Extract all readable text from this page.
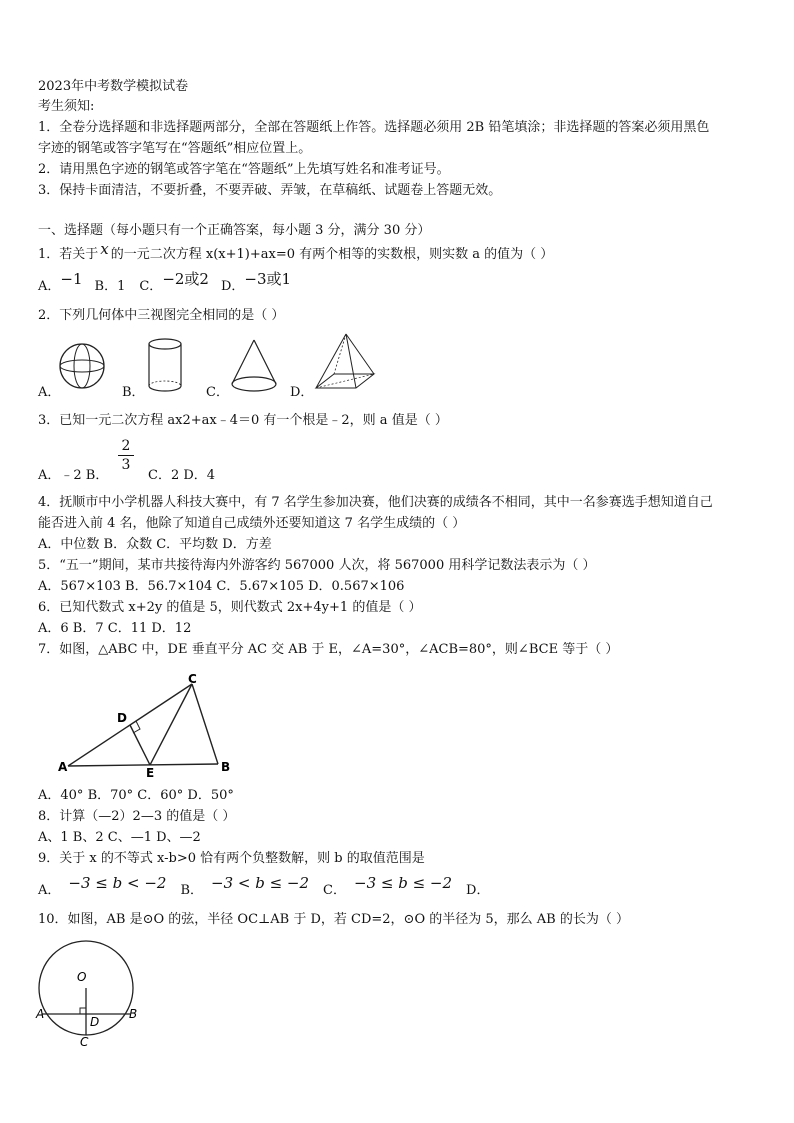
2023年中考数学模拟试卷
考生须知:
1．全卷分选择题和非选择题两部分，全部在答题纸上作答。选择题必须用 2B 铅笔填涂；非选择题的答案必须用黑色
字迹的钢笔或答字笔写在“答题纸”相应位置上。
2．请用黑色字迹的钢笔或答字笔在“答题纸”上先填写姓名和准考证号。
3．保持卡面清洁，不要折叠，不要弄破、弄皱，在草稿纸、试题卷上答题无效。
一、选择题（每小题只有一个正确答案，每小题 3 分，满分 30 分）
1．若关于 x 的一元二次方程 x(x+1)+ax=0 有两个相等的实数根，则实数 a 的值为（ ）
A．−1 B．1 C．−2或2 D．−3或1
2．下列几何体中三视图完全相同的是（ ）
A．	B．	C．	D．
3．已知一元二次方程 ax2+ax﹣4＝0 有一个根是﹣2，则 a 值是（ ）
2
3
A．﹣2 B．	C．2 D．4
4．抚顺市中小学机器人科技大赛中，有 7 名学生参加决赛，他们决赛的成绩各不相同，其中一名参赛选手想知道自己
能否进入前 4 名，他除了知道自己成绩外还要知道这 7 名学生成绩的（ ）
A．中位数 B．众数 C．平均数 D．方差
5．“五一”期间，某市共接待海内外游客约 567000 人次，将 567000 用科学记数法表示为（ ）
A．567×103 B．56.7×104 C．5.67×105 D．0.567×106
6．已知代数式 x+2y 的值是 5，则代数式 2x+4y+1 的值是（ ）
A．6 B．7 C．11 D．12
7．如图，△ABC 中，DE 垂直平分 AC 交 AB 于 E，∠A=30°，∠ACB=80°，则∠BCE 等于（ ）
A	B
C
D
E
A．40° B．70° C．60° D．50°
8．计算（—2）2—3 的值是（ ）
A、1 B、2 C、—1 D、—2
9．关于 x 的不等式 x-b>0 恰有两个负整数解，则 b 的取值范围是
A． −3 ≤ b < −2 B． −3 < b ≤ −2 C． −3 ≤ b ≤ −2 D．
10．如图，AB 是⊙O 的弦，半径 OC⊥AB 于 D，若 CD=2，⊙O 的半径为 5，那么 AB 的长为（ ）
O
A	B
D
C
